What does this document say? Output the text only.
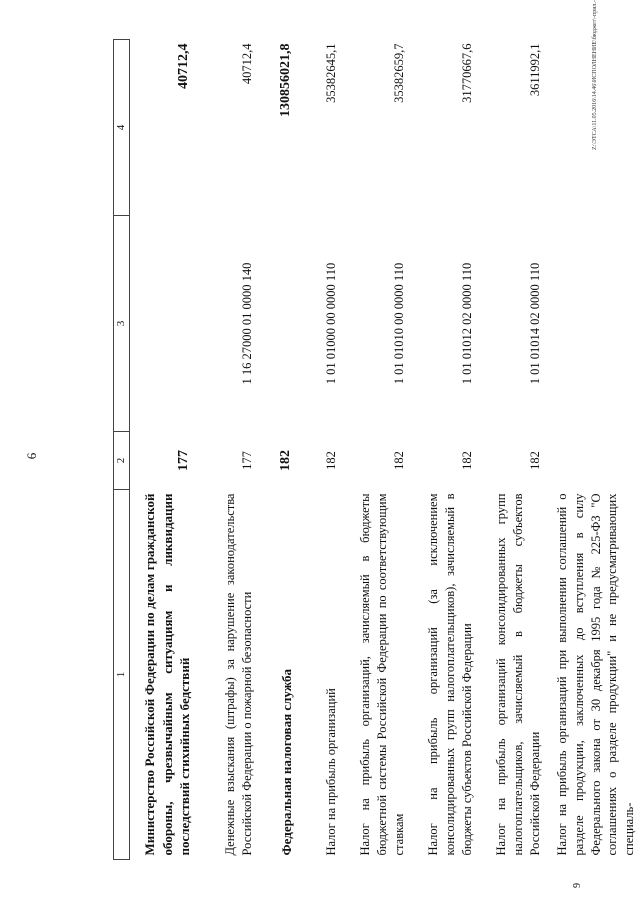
6
9
Z:\ЭТСА\11.05.2016\14.46\ИСПОЛНЕНИЕ\бюджет\-прил.-
1	2	3	4
Министерство Российской Федерации по делам гражданской обороны, чрезвычайным ситуациям и ликвидации последствий стихийных бедствий	177		40712,4
Денежные взыскания (штрафы) за нарушение законодательства Российской Федерации о пожарной безопасности	177	1 16 27000 01 0000 140	40712,4
Федеральная налоговая служба	182		130856021,8
Налог на прибыль организаций	182	1 01 01000 00 0000 110	35382645,1
Налог на прибыль организаций, зачисляемый в бюджеты бюджетной системы Российской Федерации по соответствующим ставкам	182	1 01 01010 00 0000 110	35382659,7
Налог на прибыль организаций (за исключением консолидированных групп налогоплательщиков), зачисляемый в бюджеты субъектов Российской Федерации	182	1 01 01012 02 0000 110	31770667,6
Налог на прибыль организаций консолидированных групп налогоплательщиков, зачисляемый в бюджеты субъектов Российской Федерации	182	1 01 01014 02 0000 110	3611992,1
Налог на прибыль организаций при выполнении соглашений о разделе продукции, заключенных до вступления в силу Федерального закона от 30 декабря 1995 года № 225-ФЗ "О соглашениях о разделе продукции" и не предусматривающих специаль-			
